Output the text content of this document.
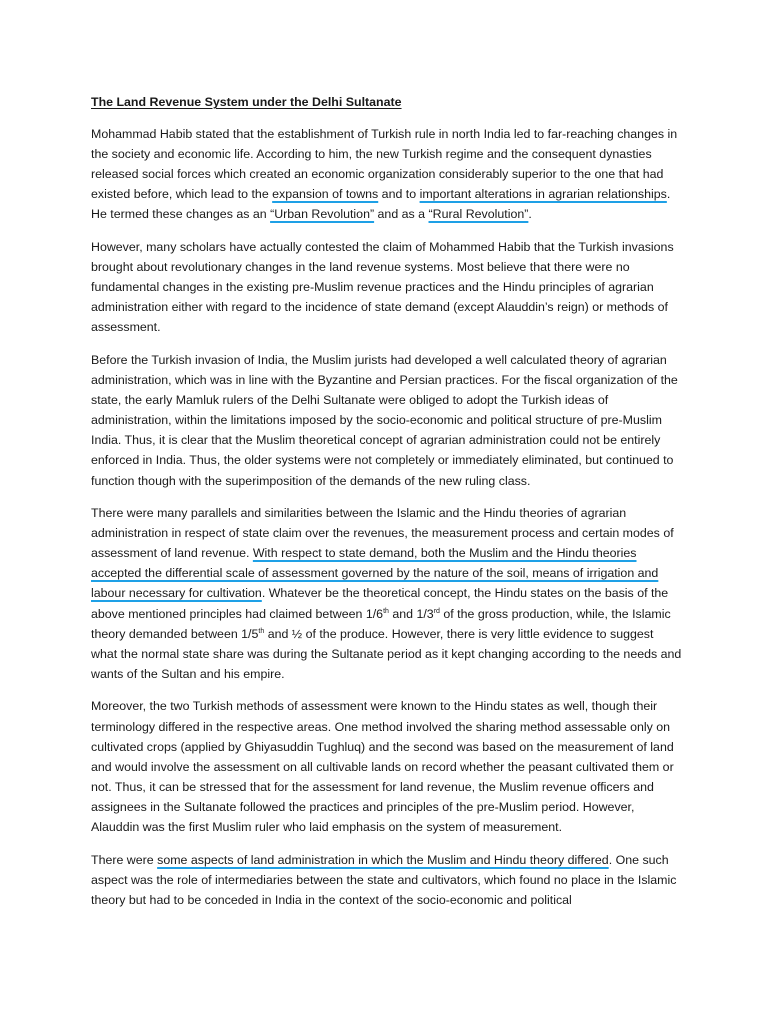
The Land Revenue System under the Delhi Sultanate

Mohammad Habib stated that the establishment of Turkish rule in north India led to far-reaching changes in the society and economic life. According to him, the new Turkish regime and the consequent dynasties released social forces which created an economic organization considerably superior to the one that had existed before, which lead to the expansion of towns and to important alterations in agrarian relationships. He termed these changes as an “Urban Revolution” and as a “Rural Revolution”.

However, many scholars have actually contested the claim of Mohammed Habib that the Turkish invasions brought about revolutionary changes in the land revenue systems. Most believe that there were no fundamental changes in the existing pre-Muslim revenue practices and the Hindu principles of agrarian administration either with regard to the incidence of state demand (except Alauddin’s reign) or methods of assessment.

Before the Turkish invasion of India, the Muslim jurists had developed a well calculated theory of agrarian administration, which was in line with the Byzantine and Persian practices. For the fiscal organization of the state, the early Mamluk rulers of the Delhi Sultanate were obliged to adopt the Turkish ideas of administration, within the limitations imposed by the socio-economic and political structure of pre-Muslim India. Thus, it is clear that the Muslim theoretical concept of agrarian administration could not be entirely enforced in India. Thus, the older systems were not completely or immediately eliminated, but continued to function though with the superimposition of the demands of the new ruling class.

There were many parallels and similarities between the Islamic and the Hindu theories of agrarian administration in respect of state claim over the revenues, the measurement process and certain modes of assessment of land revenue. With respect to state demand, both the Muslim and the Hindu theories accepted the differential scale of assessment governed by the nature of the soil, means of irrigation and labour necessary for cultivation. Whatever be the theoretical concept, the Hindu states on the basis of the above mentioned principles had claimed between 1/6th and 1/3rd of the gross production, while, the Islamic theory demanded between 1/5th and ½ of the produce. However, there is very little evidence to suggest what the normal state share was during the Sultanate period as it kept changing according to the needs and wants of the Sultan and his empire.

Moreover, the two Turkish methods of assessment were known to the Hindu states as well, though their terminology differed in the respective areas. One method involved the sharing method assessable only on cultivated crops (applied by Ghiyasuddin Tughluq) and the second was based on the measurement of land and would involve the assessment on all cultivable lands on record whether the peasant cultivated them or not. Thus, it can be stressed that for the assessment for land revenue, the Muslim revenue officers and assignees in the Sultanate followed the practices and principles of the pre-Muslim period. However, Alauddin was the first Muslim ruler who laid emphasis on the system of measurement.

There were some aspects of land administration in which the Muslim and Hindu theory differed. One such aspect was the role of intermediaries between the state and cultivators, which found no place in the Islamic theory but had to be conceded in India in the context of the socio-economic and political
